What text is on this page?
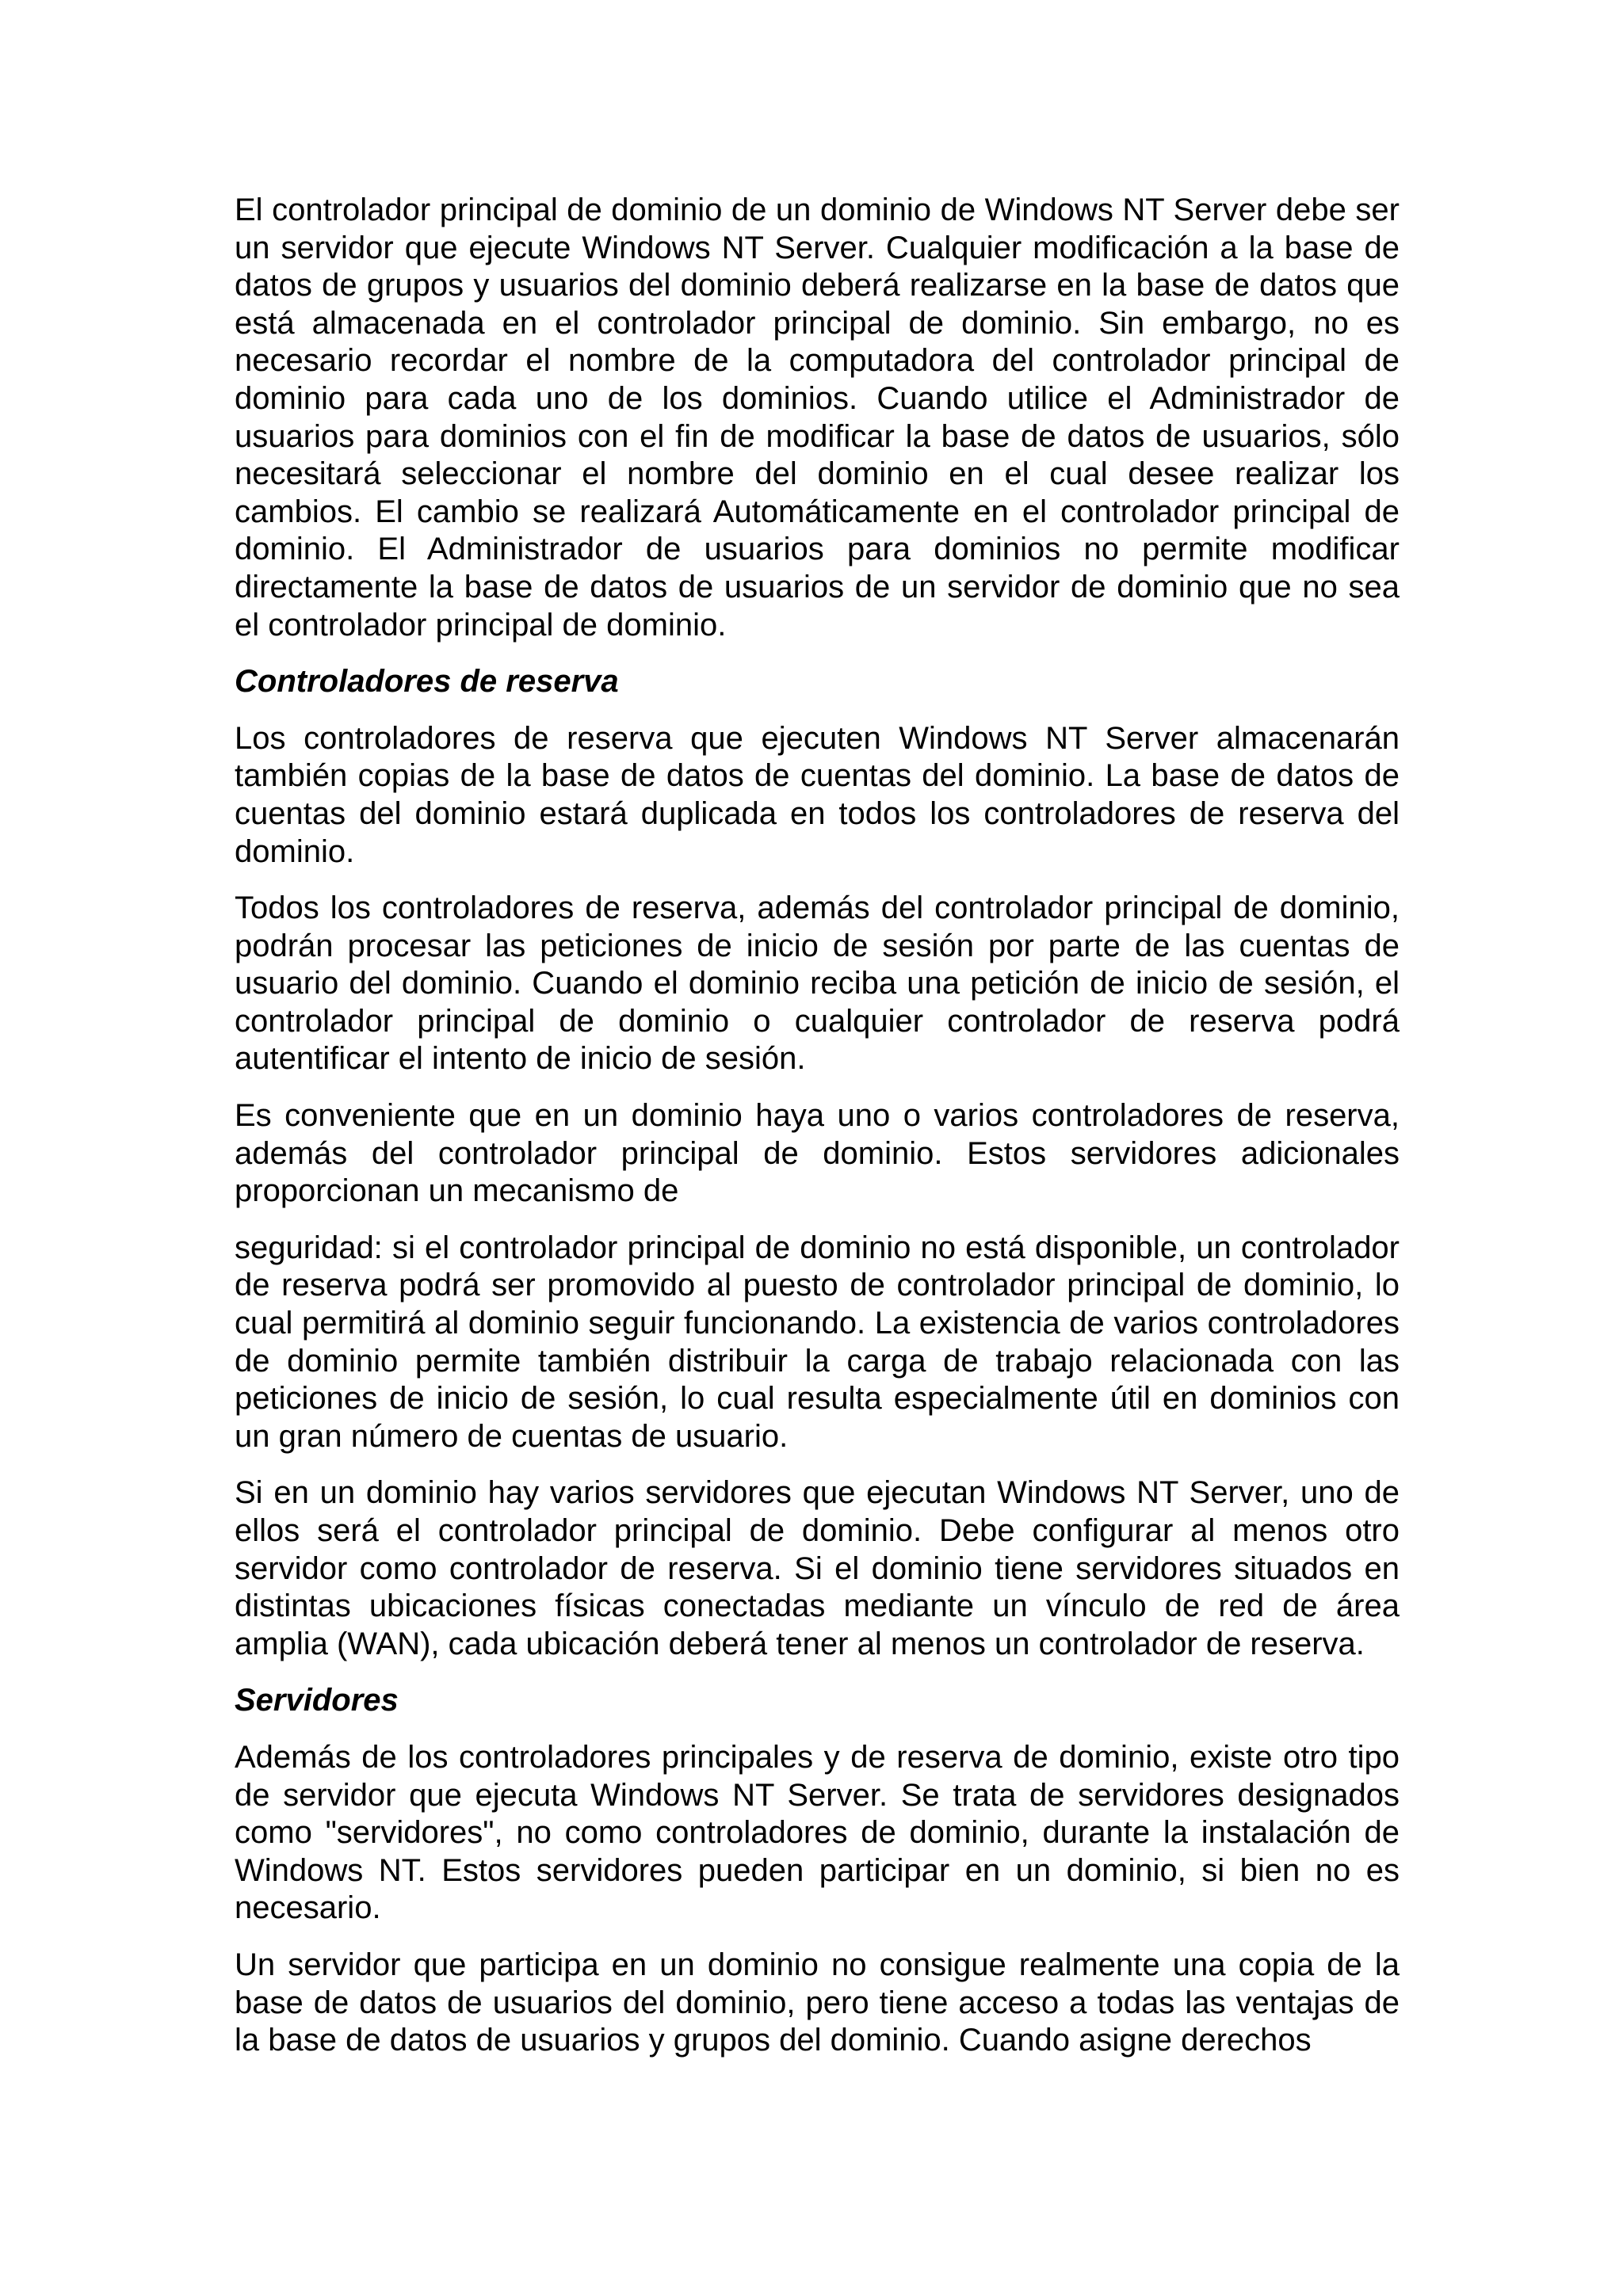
El controlador principal de dominio de un dominio de Windows NT Server debe ser un servidor que ejecute Windows NT Server. Cualquier modificación a la base de datos de grupos y usuarios del dominio deberá realizarse en la base de datos que está almacenada en el controlador principal de dominio. Sin embargo, no es necesario recordar el nombre de la computadora del controlador principal de dominio para cada uno de los dominios. Cuando utilice el Administrador de usuarios para dominios con el fin de modificar la base de datos de usuarios, sólo necesitará seleccionar el nombre del dominio en el cual desee realizar los cambios. El cambio se realizará Automáticamente en el controlador principal de dominio. El Administrador de usuarios para dominios no permite modificar directamente la base de datos de usuarios de un servidor de dominio que no sea el controlador principal de dominio.

Controladores de reserva

Los controladores de reserva que ejecuten Windows NT Server almacenarán también copias de la base de datos de cuentas del dominio. La base de datos de cuentas del dominio estará duplicada en todos los controladores de reserva del dominio.

Todos los controladores de reserva, además del controlador principal de dominio, podrán procesar las peticiones de inicio de sesión por parte de las cuentas de usuario del dominio. Cuando el dominio reciba una petición de inicio de sesión, el controlador principal de dominio o cualquier controlador de reserva podrá autentificar el intento de inicio de sesión.

Es conveniente que en un dominio haya uno o varios controladores de reserva, además del controlador principal de dominio. Estos servidores adicionales proporcionan un mecanismo de

seguridad: si el controlador principal de dominio no está disponible, un controlador de reserva podrá ser promovido al puesto de controlador principal de dominio, lo cual permitirá al dominio seguir funcionando. La existencia de varios controladores de dominio permite también distribuir la carga de trabajo relacionada con las peticiones de inicio de sesión, lo cual resulta especialmente útil en dominios con un gran número de cuentas de usuario.

Si en un dominio hay varios servidores que ejecutan Windows NT Server, uno de ellos será el controlador principal de dominio. Debe configurar al menos otro servidor como controlador de reserva. Si el dominio tiene servidores situados en distintas ubicaciones físicas conectadas mediante un vínculo de red de área amplia (WAN), cada ubicación deberá tener al menos un controlador de reserva.

Servidores

Además de los controladores principales y de reserva de dominio, existe otro tipo de servidor que ejecuta Windows NT Server. Se trata de servidores designados como "servidores", no como controladores de dominio, durante la instalación de Windows NT. Estos servidores pueden participar en un dominio, si bien no es necesario.

Un servidor que participa en un dominio no consigue realmente una copia de la base de datos de usuarios del dominio, pero tiene acceso a todas las ventajas de la base de datos de usuarios y grupos del dominio. Cuando asigne derechos
